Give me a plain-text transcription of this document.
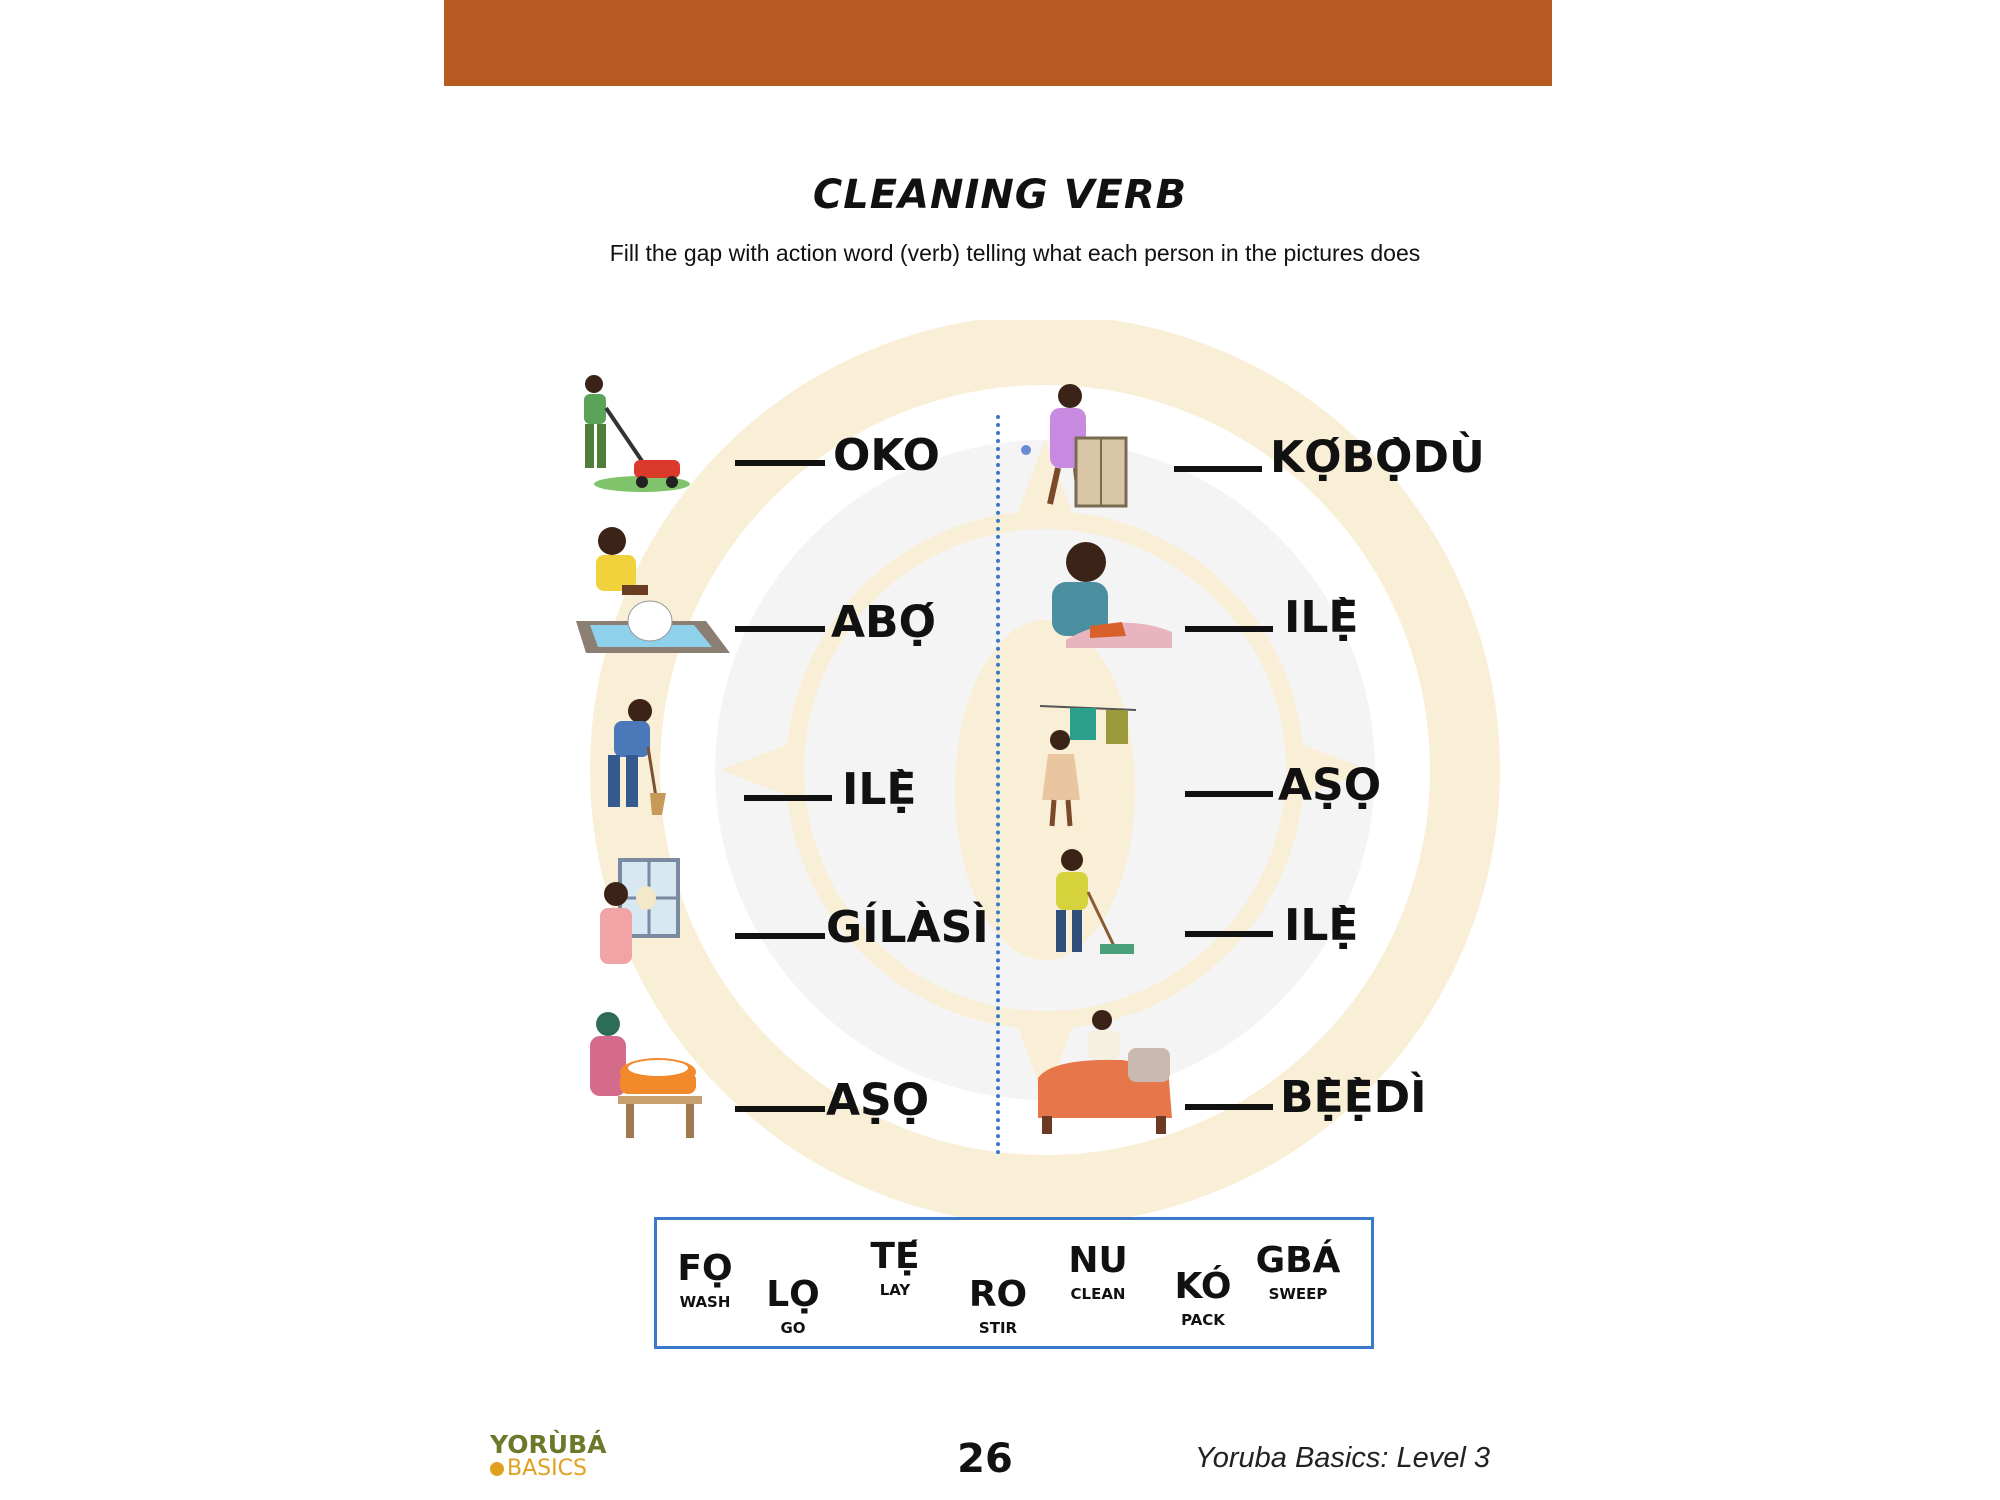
CLEANING VERB
Fill the gap with action word (verb) telling what each person in the pictures does
OKO
ABỌ́
ILẸ̀
GÍLÀSÌ
AṢỌ
KỌ́BỌ̀DÙ
ILẸ̀
AṢỌ
ILẸ̀
BẸ̀Ẹ̀DÌ
FỌ
WASH LỌ
GO
TẸ́
LAY	RO
STIR
NU
CLEAN	KÓ
PACK
GBÁ
SWEEP
YORÙBÁ
BASICS	26	Yoruba Basics: Level 3
